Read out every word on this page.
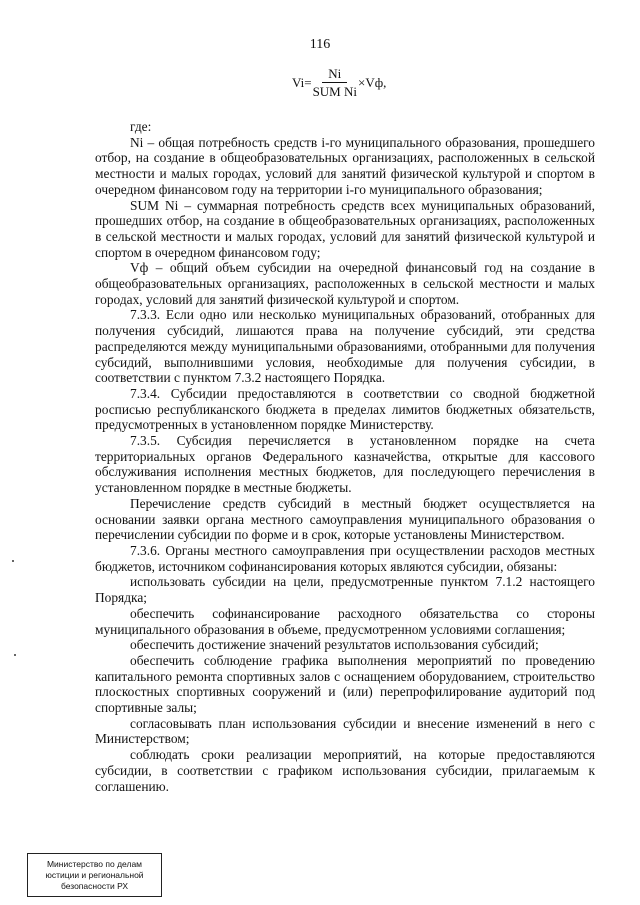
116
$Vi= \frac{Ni}{\text{SUM Ni}} \times Vф$,

где:

Ni – общая потребность средств i-го муниципального образования, прошедшего отбор, на создание в общеобразовательных организациях, расположенных в сельской местности и малых городах, условий для занятий физической культурой и спортом в очередном финансовом году на территории i-го муниципального образования;

SUM Ni – суммарная потребность средств всех муниципальных образований, прошедших отбор, на создание в общеобразовательных организациях, расположенных в сельской местности и малых городах, условий для занятий физической культурой и спортом в очередном финансовом году;

Vф – общий объем субсидии на очередной финансовый год на создание в общеобразовательных организациях, расположенных в сельской местности и малых городах, условий для занятий физической культурой и спортом.

7.3.3. Если одно или несколько муниципальных образований, отобранных для получения субсидий, лишаются права на получение субсидий, эти средства распределяются между муниципальными образованиями, отобранными для получения субсидий, выполнившими условия, необходимые для получения субсидии, в соответствии с пунктом 7.3.2 настоящего Порядка.

7.3.4. Субсидии предоставляются в соответствии со сводной бюджетной росписью республиканского бюджета в пределах лимитов бюджетных обязательств, предусмотренных в установленном порядке Министерству.

7.3.5. Субсидия перечисляется в установленном порядке на счета территориальных органов Федерального казначейства, открытые для кассового обслуживания исполнения местных бюджетов, для последующего перечисления в установленном порядке в местные бюджеты.

Перечисление средств субсидий в местный бюджет осуществляется на основании заявки органа местного самоуправления муниципального образования о перечислении субсидии по форме и в срок, которые установлены Министерством.

7.3.6. Органы местного самоуправления при осуществлении расходов местных бюджетов, источником софинансирования которых являются субсидии, обязаны:

использовать субсидии на цели, предусмотренные пунктом 7.1.2 настоящего Порядка;

обеспечить софинансирование расходного обязательства со стороны муниципального образования в объеме, предусмотренном условиями соглашения;

обеспечить достижение значений результатов использования субсидий;

обеспечить соблюдение графика выполнения мероприятий по проведению капитального ремонта спортивных залов с оснащением оборудованием, строительство плоскостных спортивных сооружений и (или) перепрофилирование аудиторий под спортивные залы;

согласовывать план использования субсидии и внесение изменений в него с Министерством;

соблюдать сроки реализации мероприятий, на которые предоставляются субсидии, в соответствии с графиком использования субсидии, прилагаемым к соглашению.

Министерство по делам
юстиции и региональной
безопасности РХ
